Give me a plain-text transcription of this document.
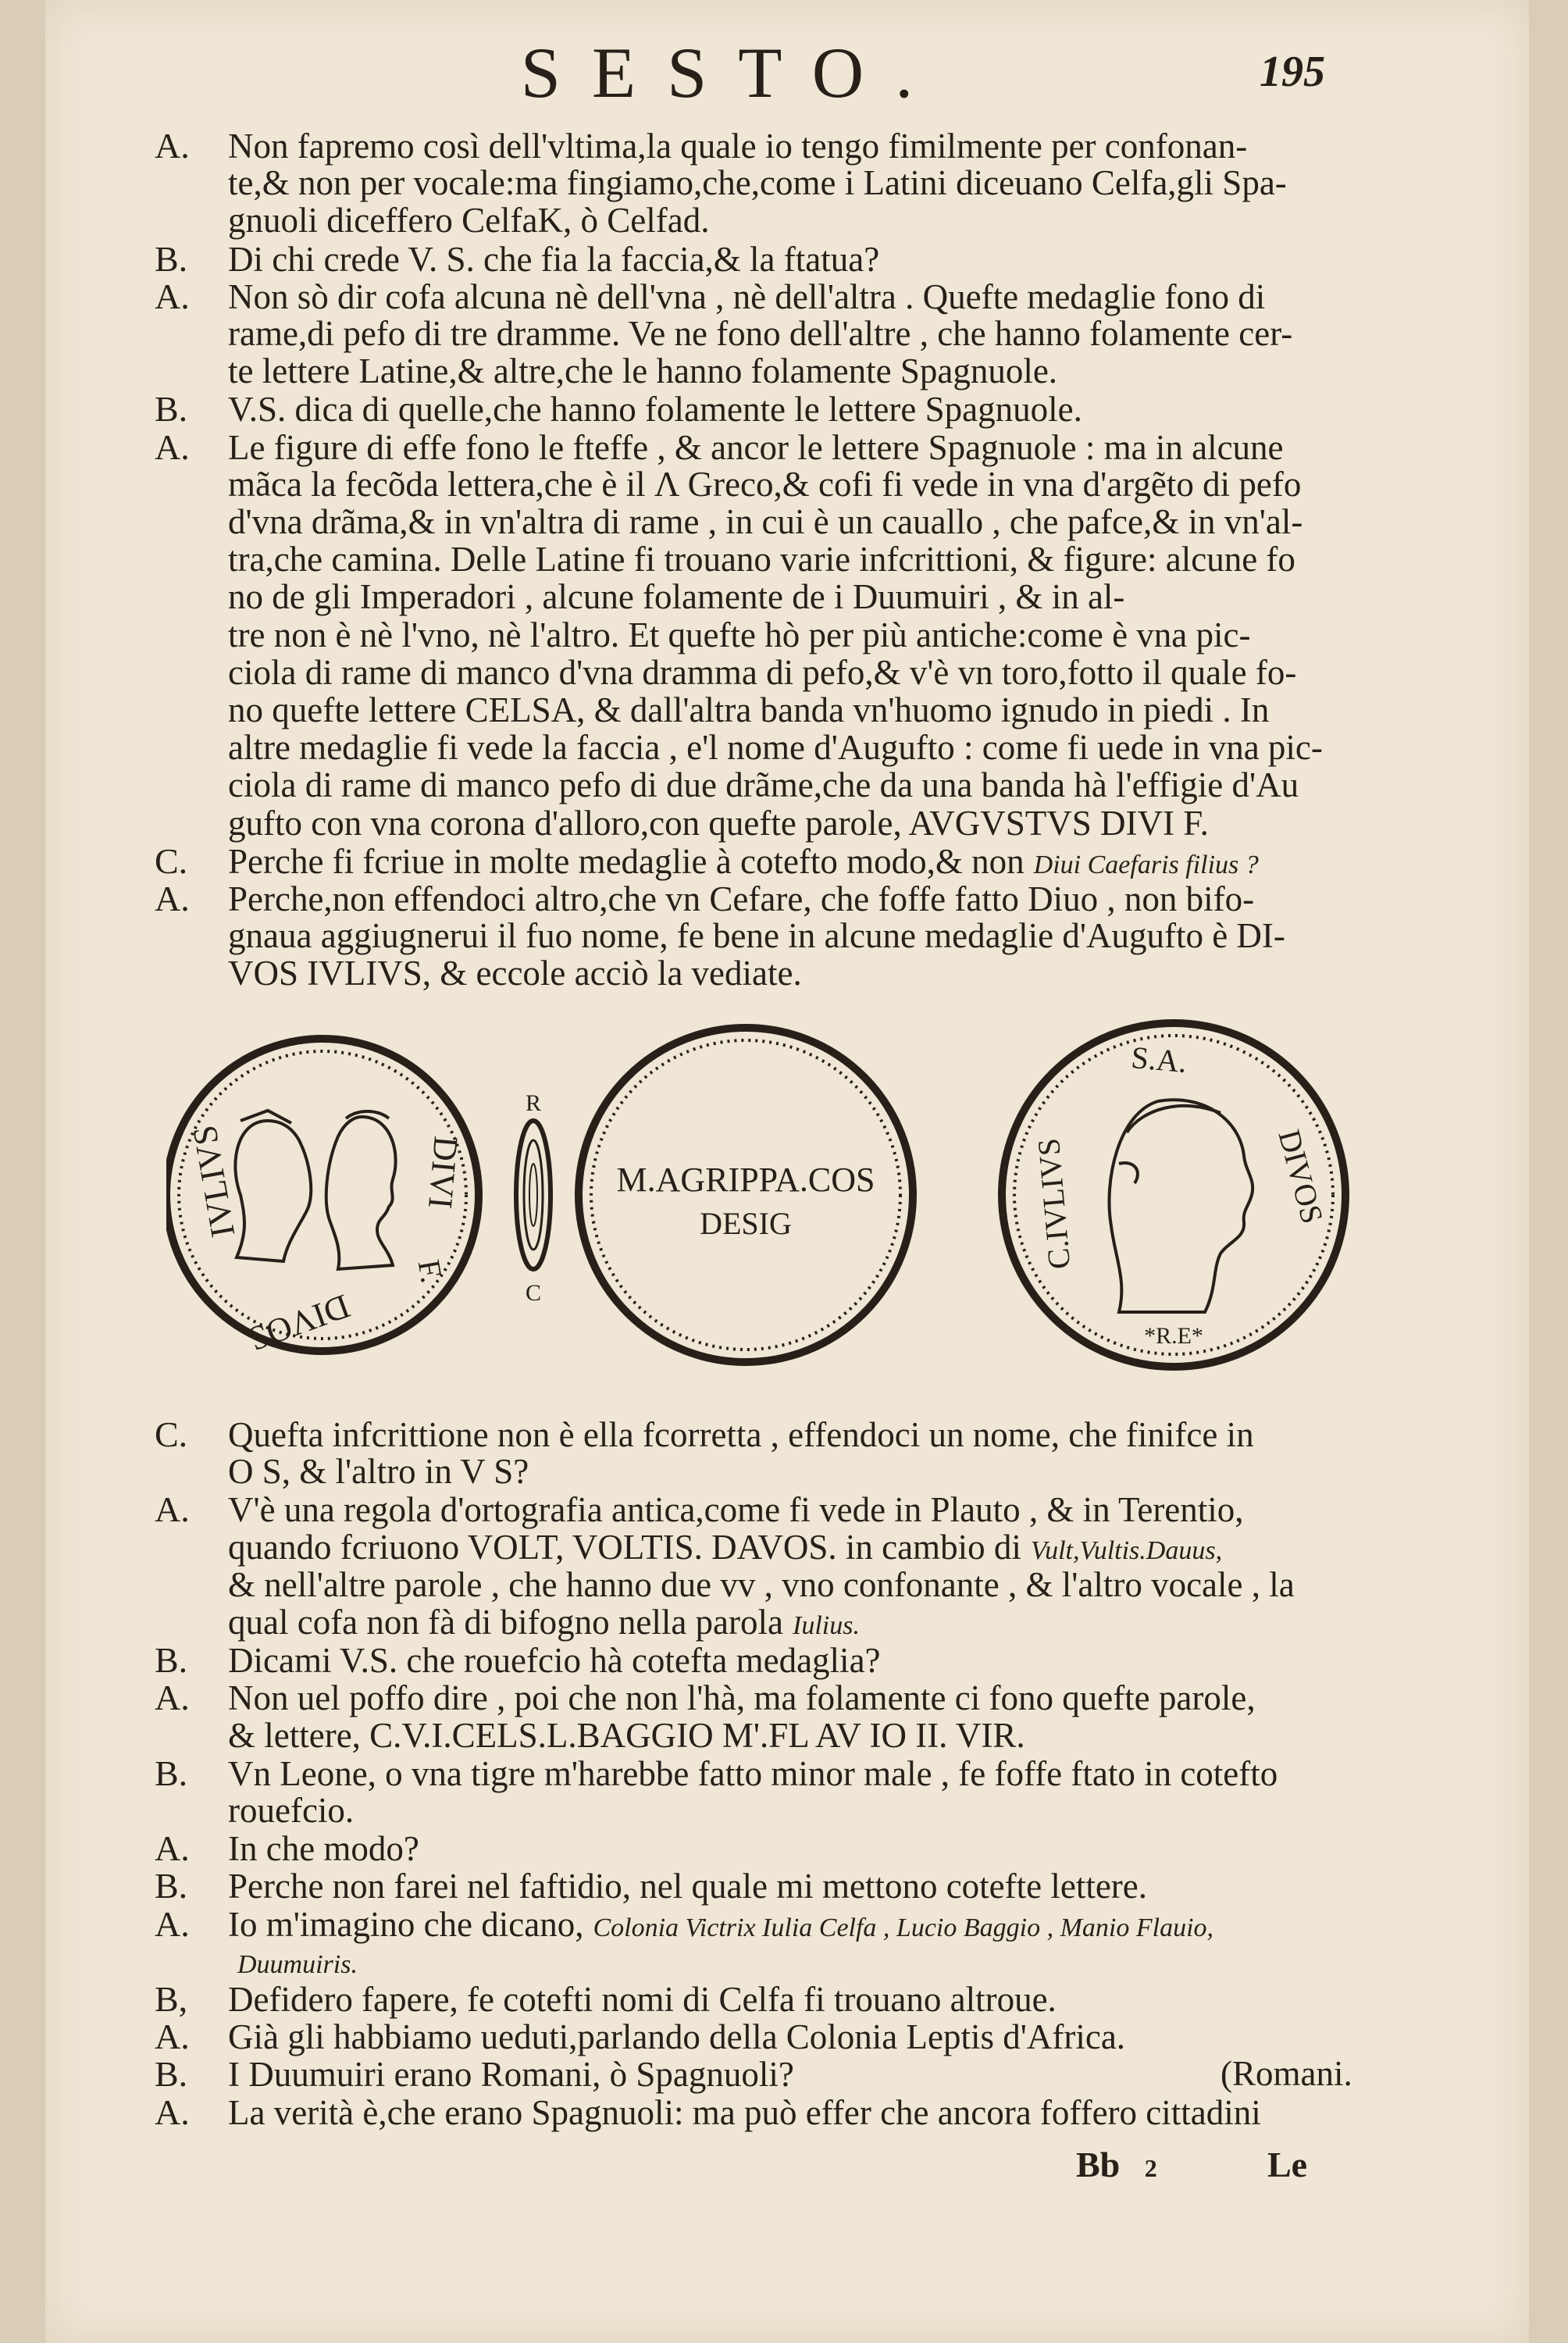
SESTO.	195
A. Non fapremo così dell'vltima,la quale io tengo fimilmente per confonan-
te,& non per vocale:ma fingiamo,che,come i Latini diceuano Celfa,gli Spa-
gnuoli diceffero CelfaK, ò Celfad.
B. Di chi crede V. S. che fia la faccia,& la ftatua?
A. Non sò dir cofa alcuna nè dell'vna , nè dell'altra . Quefte medaglie fono di
rame,di pefo di tre dramme. Ve ne fono dell'altre , che hanno folamente cer-
te lettere Latine,& altre,che le hanno folamente Spagnuole.
B. V.S. dica di quelle,che hanno folamente le lettere Spagnuole.
A. Le figure di effe fono le fteffe , & ancor le lettere Spagnuole : ma in alcune
mãca la fecõda lettera,che è il Λ Greco,& cofi fi vede in vna d'argẽto di pefo
d'vna drãma,& in vn'altra di rame , in cui è un cauallo , che pafce,& in vn'al-
tra,che camina. Delle Latine fi trouano varie infcrittioni, & figure: alcune fo
no de gli Imperadori , alcune folamente de i Duumuiri , & in al-
tre non è nè l'vno, nè l'altro. Et quefte hò per più antiche:come è vna pic-
ciola di rame di manco d'vna dramma di pefo,& v'è vn toro,fotto il quale fo-
no quefte lettere CELSA, & dall'altra banda vn'huomo ignudo in piedi . In
altre medaglie fi vede la faccia , e'l nome d'Augufto : come fi uede in vna pic-
ciola di rame di manco pefo di due drãme,che da una banda hà l'effigie d'Au
gufto con vna corona d'alloro,con quefte parole, AVGVSTVS DIVI F.
C. Perche fi fcriue in molte medaglie à cotefto modo,& non Diui Caefaris filius ?
A. Perche,non effendoci altro,che vn Cefare, che foffe fatto Diuo , non bifo-
gnaua aggiugnerui il fuo nome, fe bene in alcune medaglie d'Augufto è DI-
VOS IVLIVS, & eccole acciò la vediate.
IVLIVS	DIVI
F.
DIVOS
R
C
M.AGRIPPA.COS
DESIG	C.IVLIVS
S.A.
DIVOS
*R.E*
C. Quefta infcrittione non è ella fcorretta , effendoci un nome, che finifce in
O S, & l'altro in V S?
A. V'è una regola d'ortografia antica,come fi vede in Plauto , & in Terentio,
quando fcriuono VOLT, VOLTIS. DAVOS. in cambio di Vult,Vultis.Dauus,
& nell'altre parole , che hanno due vv , vno confonante , & l'altro vocale , la
qual cofa non fà di bifogno nella parola Iulius.
B. Dicami V.S. che rouefcio hà cotefta medaglia?
A. Non uel poffo dire , poi che non l'hà, ma folamente ci fono quefte parole,
& lettere, C.V.I.CELS.L.BAGGIO M'.FL AV IO II. VIR.
B. Vn Leone, o vna tigre m'harebbe fatto minor male , fe foffe ftato in cotefto
rouefcio.
A. In che modo?
B. Perche non farei nel faftidio, nel quale mi mettono cotefte lettere.
A. Io m'imagino che dicano, Colonia Victrix Iulia Celfa , Lucio Baggio , Manio Flauio,
Duumuiris.
B, Defidero fapere, fe cotefti nomi di Celfa fi trouano altroue.
A. Già gli habbiamo ueduti,parlando della Colonia Leptis d'Africa.
B. I Duumuiri erano Romani, ò Spagnuoli?	(Romani.
A. La verità è,che erano Spagnuoli: ma può effer che ancora foffero cittadini
Bb 2	Le
